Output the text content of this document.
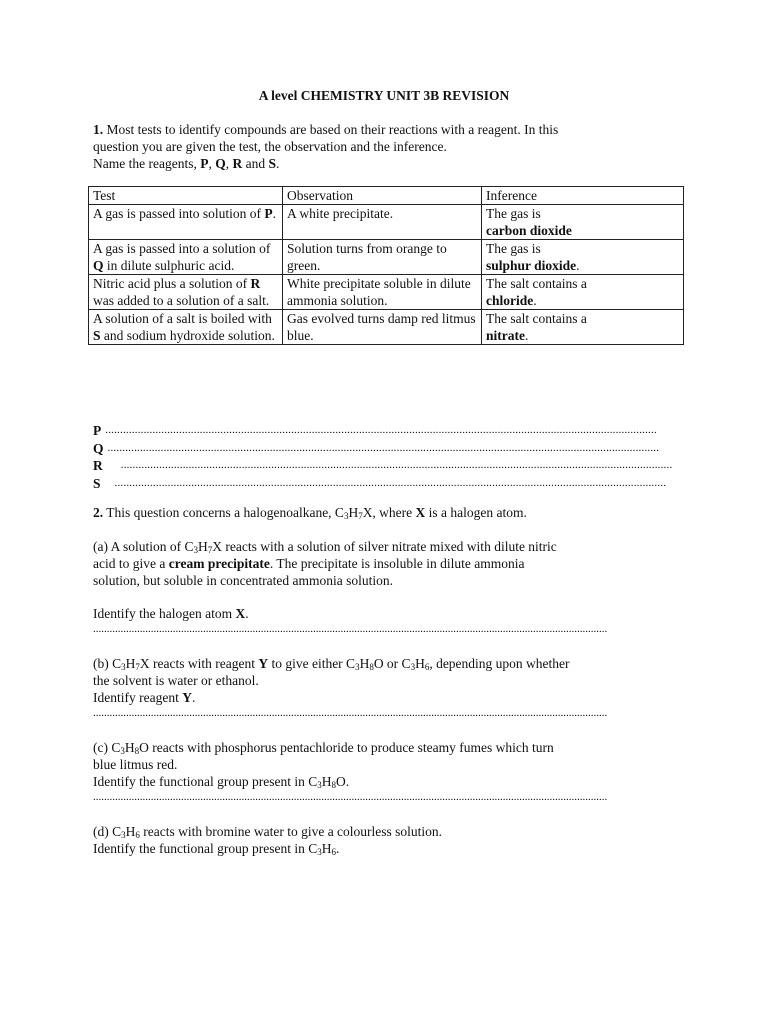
A level CHEMISTRY UNIT 3B REVISION
1. Most tests to identify compounds are based on their reactions with a reagent. In this
question you are given the test, the observation and the inference.
Name the reagents, P, Q, R and S.
Test	Observation	Inference
A gas is passed into solution of P.	A white precipitate.	The gas is
carbon dioxide
A gas is passed into a solution of Q in dilute sulphuric acid.	Solution turns from orange to green.	The gas is
sulphur dioxide.
Nitric acid plus a solution of R was added to a solution of a salt.	White precipitate soluble in dilute ammonia solution.	The salt contains a
chloride.
A solution of a salt is boiled with S and sodium hydroxide solution.	Gas evolved turns damp red litmus blue.	The salt contains a
nitrate.
P ...........................................................................................................................................................................................
Q ...........................................................................................................................................................................................
R ...........................................................................................................................................................................................
S ...........................................................................................................................................................................................
2. This question concerns a halogenoalkane, $C_3H_7X$, where X is a halogen atom.
(a) A solution of $C_3H_7X$ reacts with a solution of silver nitrate mixed with dilute nitric
acid to give a cream precipitate. The precipitate is insoluble in dilute ammonia
solution, but soluble in concentrated ammonia solution.
Identify the halogen atom X.
...........................................................................................................................................................................................
(b) $C_3H_7X$ reacts with reagent Y to give either $C_3H_8O$ or $C_3H_6$, depending upon whether
the solvent is water or ethanol.
Identify reagent Y.
...........................................................................................................................................................................................
(c) $C_3H_8O$ reacts with phosphorus pentachloride to produce steamy fumes which turn
blue litmus red.
Identify the functional group present in $C_3H_8O$.
...........................................................................................................................................................................................
(d) $C_3H_6$ reacts with bromine water to give a colourless solution.
Identify the functional group present in $C_3H_6$.
